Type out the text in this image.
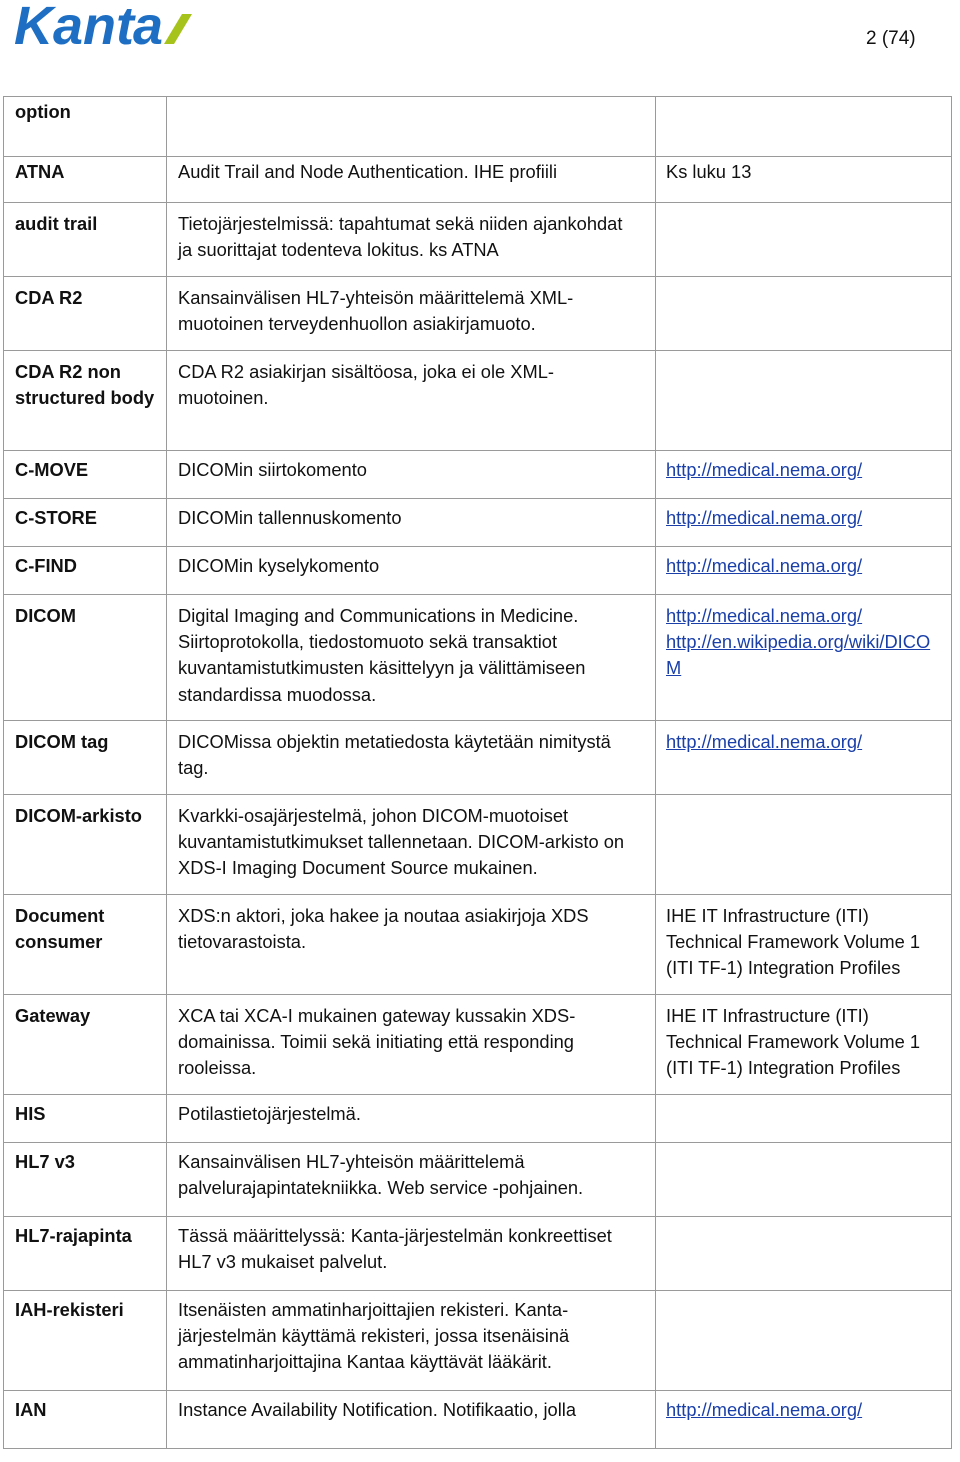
Kant a	2 (74)
option		

ATNA	Audit Trail and Node Authentication. IHE profiili	Ks luku 13

audit trail	Tietojärjestelmissä: tapahtumat sekä niiden ajankohdat ja suorittajat todenteva lokitus. ks ATNA	

CDA R2	Kansainvälisen HL7-yhteisön määrittelemä XML-muotoinen terveydenhuollon asiakirjamuoto.	

CDA R2 non structured body	CDA R2 asiakirjan sisältöosa, joka ei ole XML-muotoinen.	

C-MOVE	DICOMin siirtokomento	http://medical.nema.org/

C-STORE	DICOMin tallennuskomento	http://medical.nema.org/

C-FIND	DICOMin kyselykomento	http://medical.nema.org/

DICOM	Digital Imaging and Communications in Medicine. Siirtoprotokolla, tiedostomuoto sekä transaktiot kuvantamistutkimusten käsittelyyn ja välittämiseen standardissa muodossa.	http://medical.nema.org/
http://en.wikipedia.org/wiki/DICOM

DICOM tag	DICOMissa objektin metatiedosta käytetään nimitystä tag.	http://medical.nema.org/

DICOM-arkisto	Kvarkki-osajärjestelmä, johon DICOM-muotoiset kuvantamistutkimukset tallennetaan. DICOM-arkisto on XDS-I Imaging Document Source mukainen.	

Document consumer	XDS:n aktori, joka hakee ja noutaa asiakirjoja XDS tietovarastoista.	IHE IT Infrastructure (ITI) Technical Framework Volume 1 (ITI TF-1) Integration Profiles

Gateway	XCA tai XCA-I mukainen gateway kussakin XDS-domainissa. Toimii sekä initiating että responding rooleissa.	IHE IT Infrastructure (ITI) Technical Framework Volume 1 (ITI TF-1) Integration Profiles

HIS	Potilastietojärjestelmä.	

HL7 v3	Kansainvälisen HL7-yhteisön määrittelemä palvelurajapintatekniikka. Web service -pohjainen.	

HL7-rajapinta	Tässä määrittelyssä: Kanta-järjestelmän konkreettiset HL7 v3 mukaiset palvelut.	

IAH-rekisteri	Itsenäisten ammatinharjoittajien rekisteri. Kanta-järjestelmän käyttämä rekisteri, jossa itsenäisinä ammatinharjoittajina Kantaa käyttävät lääkärit.	

IAN	Instance Availability Notification. Notifikaatio, jolla	http://medical.nema.org/
